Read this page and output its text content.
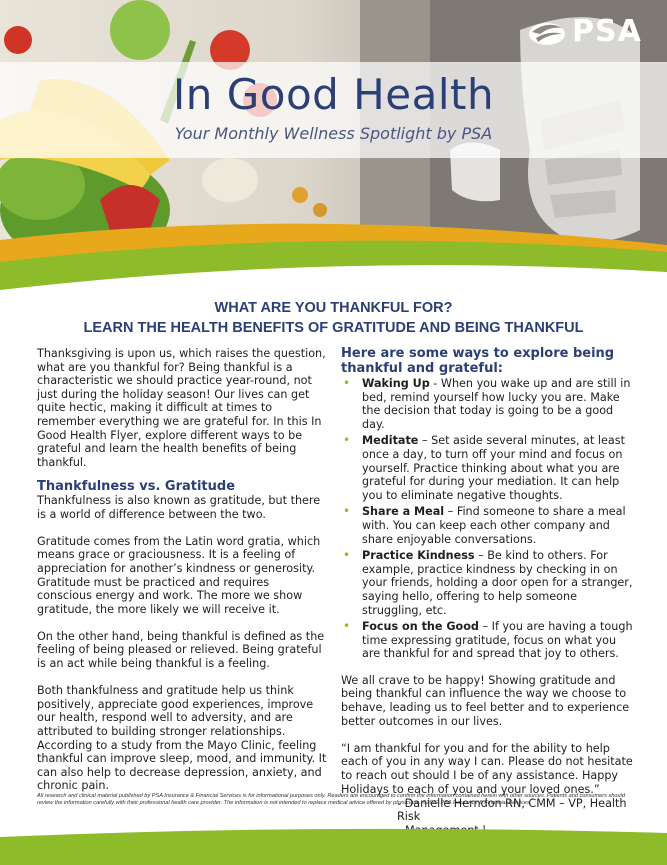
In Good Health
Your Monthly Wellness Spotlight by PSA
PSA
WHAT ARE YOU THANKFUL FOR?
LEARN THE HEALTH BENEFITS OF GRATITUDE AND BEING THANKFUL

Thanksgiving is upon us, which raises the question, what are you thankful for? Being thankful is a characteristic we should practice year-round, not just during the holiday season! Our lives can get quite hectic, making it difficult at times to remember everything we are grateful for. In this In Good Health Flyer, explore different ways to be grateful and learn the health benefits of being thankful.

Thankfulness vs. Gratitude

Thankfulness is also known as gratitude, but there is a world of difference between the two.

Gratitude comes from the Latin word gratia, which means grace or graciousness. It is a feeling of appreciation for another’s kindness or generosity. Gratitude must be practiced and requires conscious energy and work. The more we show gratitude, the more likely we will receive it.

On the other hand, being thankful is defined as the feeling of being pleased or relieved. Being grateful is an act while being thankful is a feeling.

Both thankfulness and gratitude help us think positively, appreciate good experiences, improve our health, respond well to adversity, and are attributed to building stronger relationships. According to a study from the Mayo Clinic, feeling thankful can improve sleep, mood, and immunity. It can also help to decrease depression, anxiety, and chronic pain.

Here are some ways to explore being thankful and grateful:
• Waking Up - When you wake up and are still in bed, remind yourself how lucky you are. Make the decision that today is going to be a good day.
• Meditate – Set aside several minutes, at least once a day, to turn off your mind and focus on yourself. Practice thinking about what you are grateful for during your mediation. It can help you to eliminate negative thoughts.
• Share a Meal – Find someone to share a meal with. You can keep each other company and share enjoyable conversations.
• Practice Kindness – Be kind to others. For example, practice kindness by checking in on your friends, holding a door open for a stranger, saying hello, offering to help someone struggling, etc.
• Focus on the Good – If you are having a tough time expressing gratitude, focus on what you are thankful for and spread that joy to others.

We all crave to be happy! Showing gratitude and being thankful can influence the way we choose to behave, leading us to feel better and to experience better outcomes in our lives.

“I am thankful for you and for the ability to help each of you in any way I can. Please do not hesitate to reach out should I be of any assistance. Happy Holidays to each of you and your loved ones.”

- Danielle Herndon RN, CMM – VP, Health Risk
All research and clinical material published by PSA Insurance & Financial Services is for informational purposes only. Readers are encouraged to confirm the information contained herein with other sources. Patients and consumers should review the information carefully with their professional health care provider. The information is not intended to replace medical advice offered by physicians. ©2022 PSA Insurance & Financial Services.
